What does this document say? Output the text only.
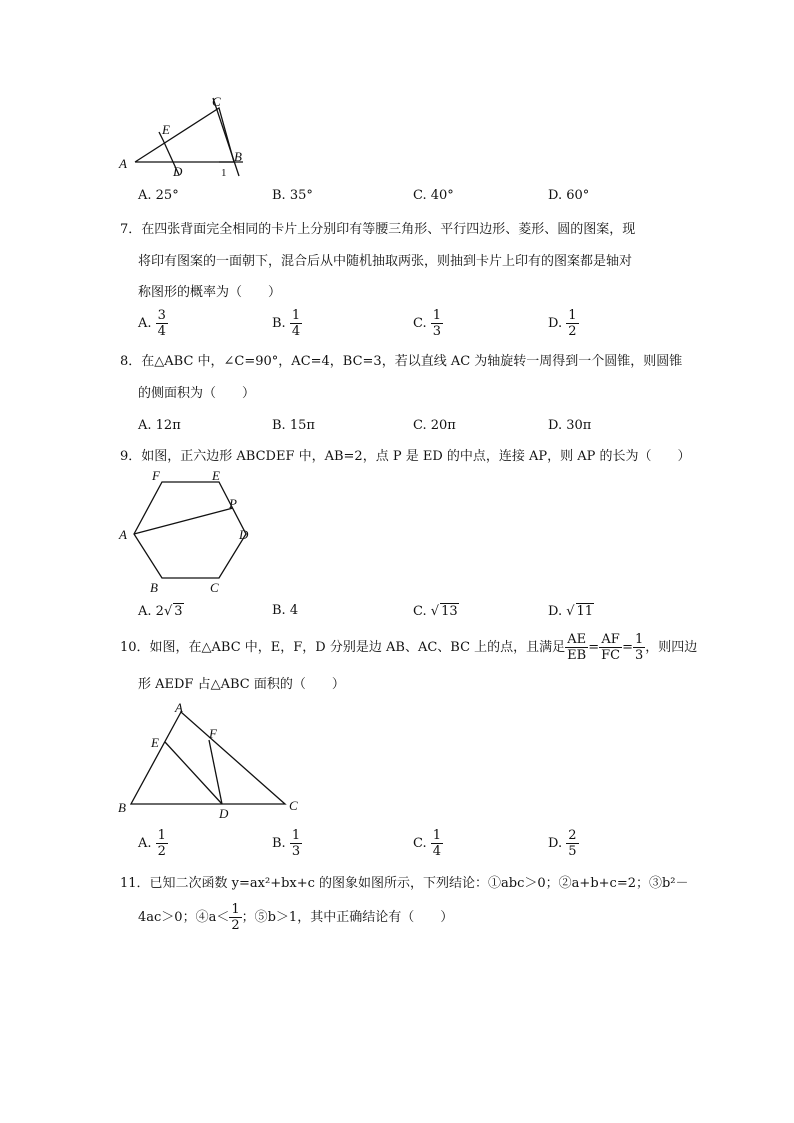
A	B
C
D
E
1
A. 25°	B. 35°	C. 40°	D. 60°
7．在四张背面完全相同的卡片上分别印有等腰三角形、平行四边形、菱形、圆的图案，现
将印有图案的一面朝下，混合后从中随机抽取两张，则抽到卡片上印有的图案都是轴对
称图形的概率为（　　）
A. $\frac{3}{4}$	B. $\frac{1}{4}$	C. $\frac{1}{3}$	D. $\frac{1}{2}$
8．在△ABC 中，∠C=90°，AC=4，BC=3，若以直线 AC 为轴旋转一周得到一个圆锥，则圆锥
的侧面积为（　　）
A. 12π	B. 15π	C. 20π	D. 30π
9．如图，正六边形 ABCDEF 中，AB=2，点 P 是 ED 的中点，连接 AP，则 AP 的长为（　　）
A
B	C
D
E
F
P
A. 2√ 3	B. 4	C. √ 13	D. √ 11
10．如图，在△ABC 中，E，F，D 分别是边 AB、AC、BC 上的点，且满足 $\frac{AE}{EB} = \frac{AF}{FC} = \frac{1}{3}$ ，则四边
形 AEDF 占△ABC 面积的（　　）
A
B	C
D
E
F
A. $\frac{1}{2}$	B. $\frac{1}{3}$	C. $\frac{1}{4}$	D. $\frac{2}{5}$
11．已知二次函数 y=ax²+bx+c 的图象如图所示，下列结论：①abc＞0；②a+b+c=2；③b²－
4ac＞0；④a＜ $\frac{1}{2}$ ；⑤b＞1，其中正确结论有（　　）
